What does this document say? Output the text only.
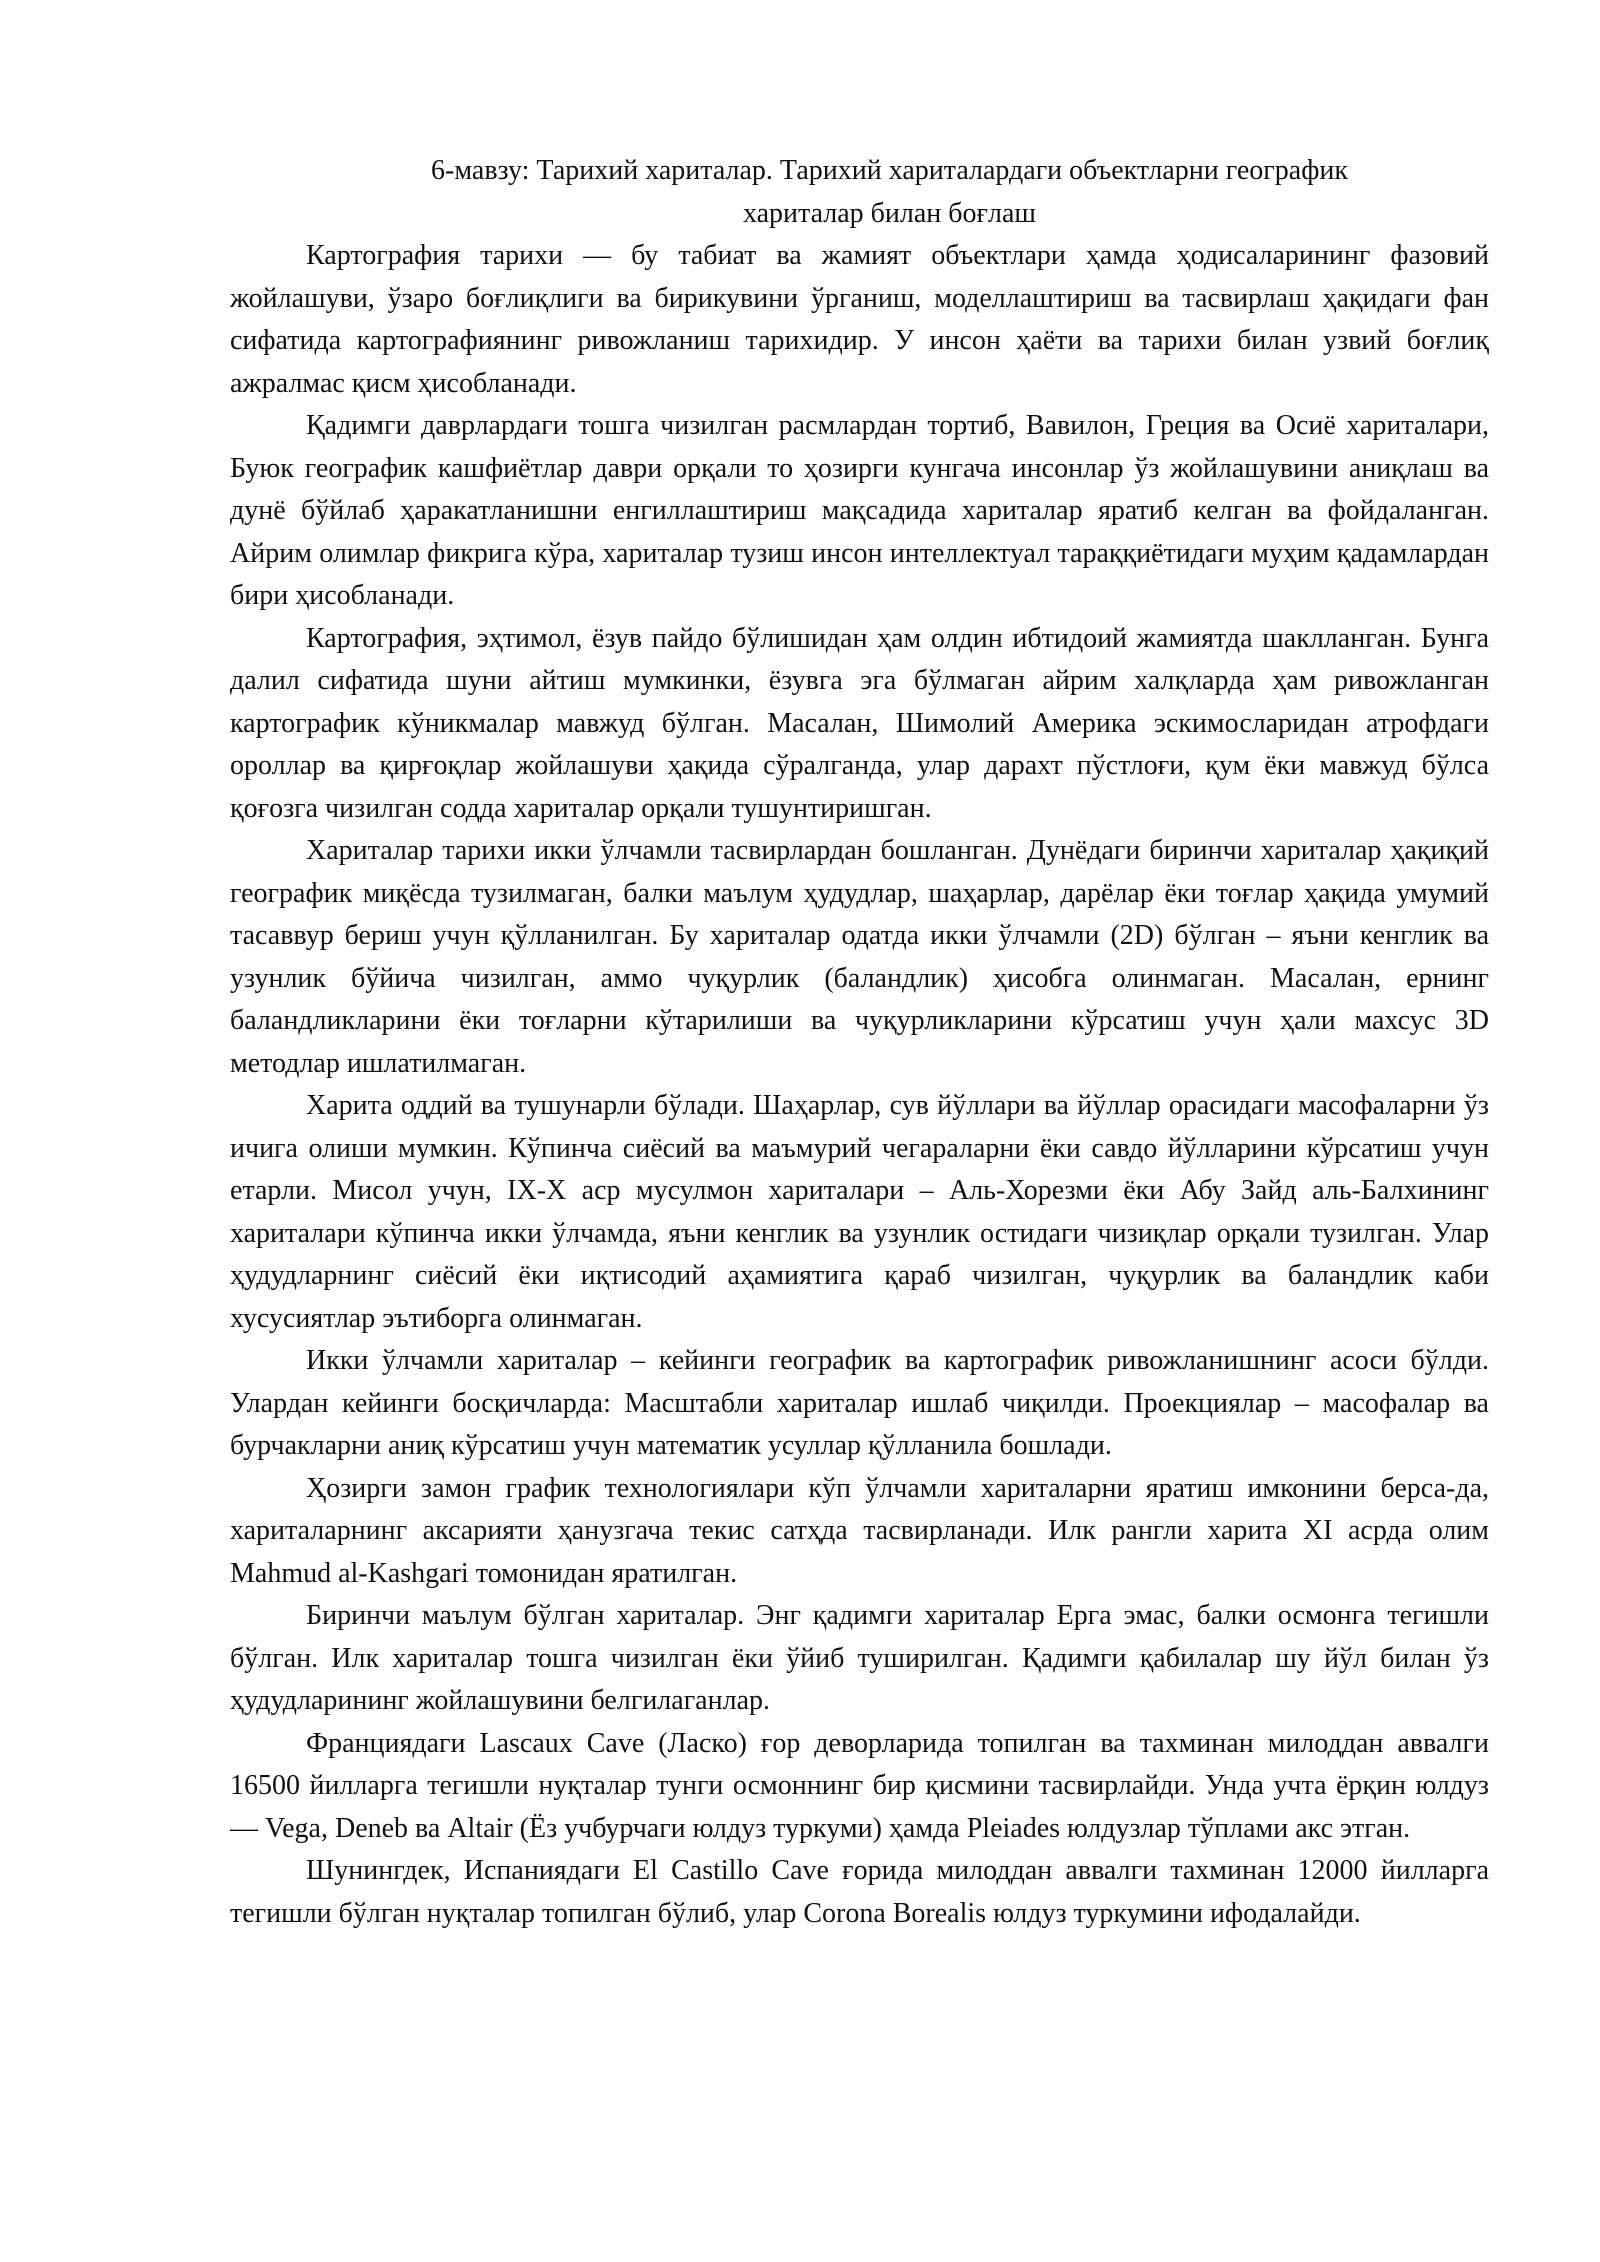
6-мавзу: Тарихий хариталар. Тарихий хариталардаги объектларни географик
хариталар билан боғлаш

Картография тарихи — бу табиат ва жамият объектлари ҳамда ҳодисаларининг фазовий жойлашуви, ўзаро боғлиқлиги ва бирикувини ўрганиш, моделлаштириш ва тасвирлаш ҳақидаги фан сифатида картографиянинг ривожланиш тарихидир. У инсон ҳаёти ва тарихи билан узвий боғлиқ ажралмас қисм ҳисобланади.

Қадимги даврлардаги тошга чизилган расмлардан тортиб, Вавилон, Греция ва Осиё хариталари, Буюк географик кашфиётлар даври орқали то ҳозирги кунгача инсонлар ўз жойлашувини аниқлаш ва дунё бўйлаб ҳаракатланишни енгиллаштириш мақсадида хариталар яратиб келган ва фойдаланган. Айрим олимлар фикрига кўра, хариталар тузиш инсон интеллектуал тараққиётидаги муҳим қадамлардан бири ҳисобланади.

Картография, эҳтимол, ёзув пайдо бўлишидан ҳам олдин ибтидоий жамиятда шаклланган. Бунга далил сифатида шуни айтиш мумкинки, ёзувга эга бўлмаган айрим халқларда ҳам ривожланган картографик кўникмалар мавжуд бўлган. Масалан, Шимолий Америка эскимосларидан атрофдаги ороллар ва қирғоқлар жойлашуви ҳақида сўралганда, улар дарахт пўстлоғи, қум ёки мавжуд бўлса қоғозга чизилган содда хариталар орқали тушунтиришган.

Хариталар тарихи икки ўлчамли тасвирлардан бошланган. Дунёдаги биринчи хариталар ҳақиқий географик миқёсда тузилмаган, балки маълум ҳудудлар, шаҳарлар, дарёлар ёки тоғлар ҳақида умумий тасаввур бериш учун қўлланилган. Бу хариталар одатда икки ўлчамли (2D) бўлган – яъни кенглик ва узунлик бўйича чизилган, аммо чуқурлик (баландлик) ҳисобга олинмаган. Масалан, ернинг баландликларини ёки тоғларни кўтарилиши ва чуқурликларини кўрсатиш учун ҳали махсус 3D методлар ишлатилмаган.

Харита оддий ва тушунарли бўлади. Шаҳарлар, сув йўллари ва йўллар орасидаги масофаларни ўз ичига олиши мумкин. Кўпинча сиёсий ва маъмурий чегараларни ёки савдо йўлларини кўрсатиш учун етарли. Мисол учун, IX-X аср мусулмон хариталари – Аль-Хорезми ёки Абу Зайд аль-Балхининг хариталари кўпинча икки ўлчамда, яъни кенглик ва узунлик остидаги чизиқлар орқали тузилган. Улар ҳудудларнинг сиёсий ёки иқтисодий аҳамиятига қараб чизилган, чуқурлик ва баландлик каби хусусиятлар эътиборга олинмаган.

Икки ўлчамли хариталар – кейинги географик ва картографик ривожланишнинг асоси бўлди. Улардан кейинги босқичларда: Масштабли хариталар ишлаб чиқилди. Проекциялар – масофалар ва бурчакларни аниқ кўрсатиш учун математик усуллар қўлланила бошлади.

Ҳозирги замон график технологиялари кўп ўлчамли хариталарни яратиш имконини берса-да, хариталарнинг аксарияти ҳанузгача текис сатҳда тасвирланади. Илк рангли харита XI асрда олим Mahmud al-Kashgari томонидан яратилган.

Биринчи маълум бўлган хариталар. Энг қадимги хариталар Ерга эмас, балки осмонга тегишли бўлган. Илк хариталар тошга чизилган ёки ўйиб туширилган. Қадимги қабилалар шу йўл билан ўз ҳудудларининг жойлашувини белгилаганлар.

Франциядаги Lascaux Cave (Ласко) ғор деворларида топилган ва тахминан милоддан аввалги 16500 йилларга тегишли нуқталар тунги осмоннинг бир қисмини тасвирлайди. Унда учта ёрқин юлдуз — Vega, Deneb ва Altair (Ёз учбурчаги юлдуз туркуми) ҳамда Pleiades юлдузлар тўплами акс этган.

Шунингдек, Испаниядаги El Castillo Cave ғорида милоддан аввалги тахминан 12000 йилларга тегишли бўлган нуқталар топилган бўлиб, улар Corona Borealis юлдуз туркумини ифодалайди.
